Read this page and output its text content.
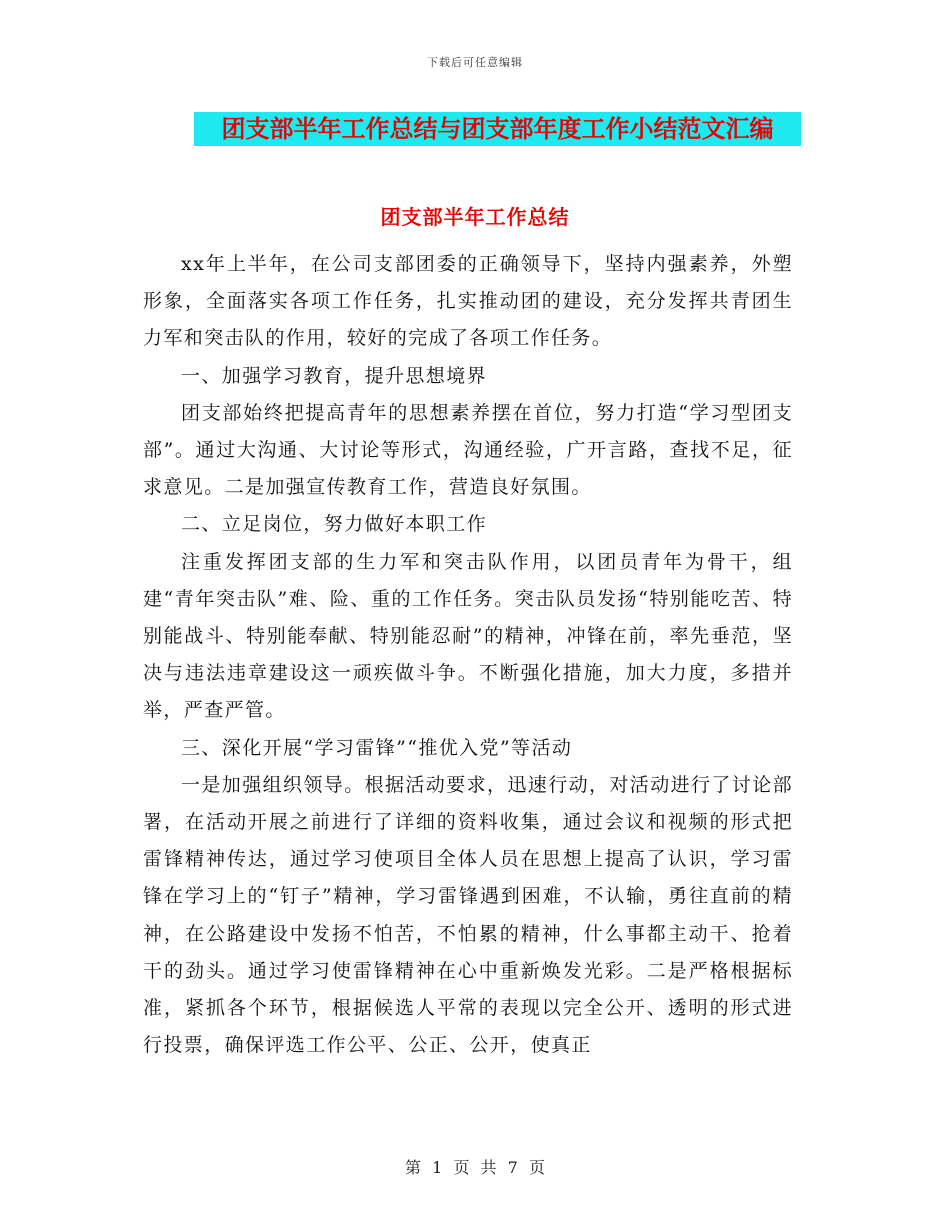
下载后可任意编辑
团支部半年工作总结与团支部年度工作小结范文汇编
团支部半年工作总结

xx年上半年，在公司支部团委的正确领导下，坚持内强素养，外塑形象，全面落实各项工作任务，扎实推动团的建设，充分发挥共青团生力军和突击队的作用，较好的完成了各项工作任务。

一、加强学习教育，提升思想境界

团支部始终把提高青年的思想素养摆在首位，努力打造“学习型团支部”。通过大沟通、大讨论等形式，沟通经验，广开言路，查找不足，征求意见。二是加强宣传教育工作，营造良好氛围。

二、立足岗位，努力做好本职工作

注重发挥团支部的生力军和突击队作用，以团员青年为骨干，组建“青年突击队”难、险、重的工作任务。突击队员发扬“特别能吃苦、特别能战斗、特别能奉献、特别能忍耐”的精神，冲锋在前，率先垂范，坚决与违法违章建设这一顽疾做斗争。不断强化措施，加大力度，多措并举，严查严管。

三、深化开展“学习雷锋”“推优入党”等活动

一是加强组织领导。根据活动要求，迅速行动，对活动进行了讨论部署，在活动开展之前进行了详细的资料收集，通过会议和视频的形式把雷锋精神传达，通过学习使项目全体人员在思想上提高了认识，学习雷锋在学习上的“钉子”精神，学习雷锋遇到困难，不认输，勇往直前的精神，在公路建设中发扬不怕苦，不怕累的精神，什么事都主动干、抢着干的劲头。通过学习使雷锋精神在心中重新焕发光彩。二是严格根据标准，紧抓各个环节，根据候选人平常的表现以完全公开、透明的形式进行投票，确保评选工作公平、公正、公开，使真正

第 1 页 共 7 页
